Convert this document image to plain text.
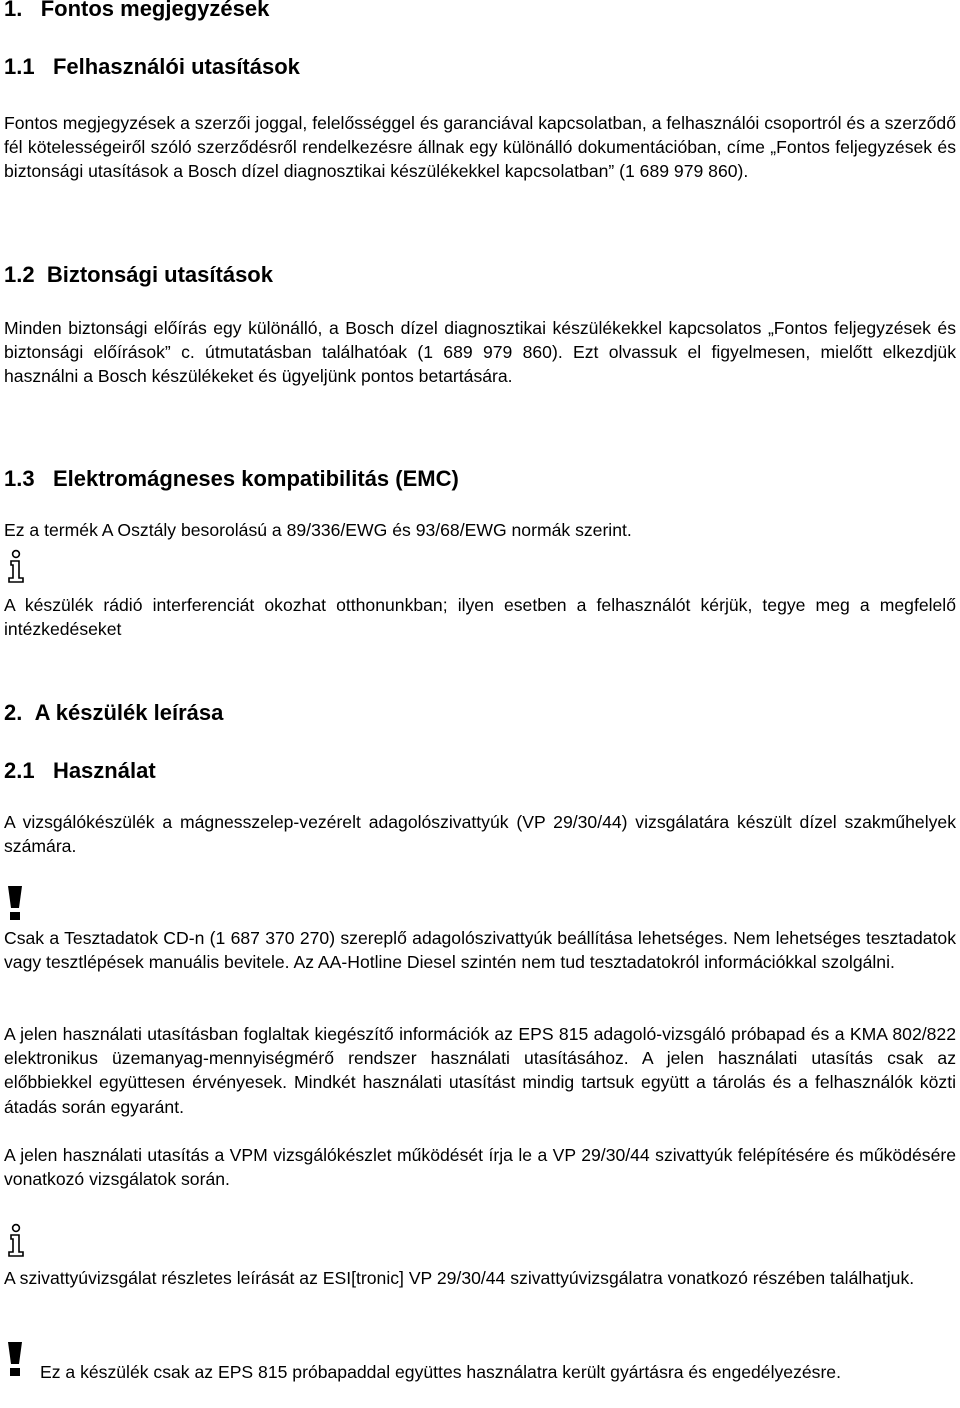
1. Fontos megjegyzések
1.1 Felhasználói utasítások

Fontos megjegyzések a szerzői joggal, felelősséggel és garanciával kapcsolatban, a felhasználói csoportról és a szerződő fél kötelességeiről szóló szerződésről rendelkezésre állnak egy különálló dokumentációban, címe „Fontos feljegyzések és biztonsági utasítások a Bosch dízel diagnosztikai készülékekkel kapcsolatban” (1 689 979 860).

1.2 Biztonsági utasítások

Minden biztonsági előírás egy különálló, a Bosch dízel diagnosztikai készülékekkel kapcsolatos „Fontos feljegyzések és biztonsági előírások” c. útmutatásban találhatóak (1 689 979 860). Ezt olvassuk el figyelmesen, mielőtt elkezdjük használni a Bosch készülékeket és ügyeljünk pontos betartására.

1.3 Elektromágneses kompatibilitás (EMC)

Ez a termék A Osztály besorolású a 89/336/EWG és 93/68/EWG normák szerint.

A készülék rádió interferenciát okozhat otthonunkban; ilyen esetben a felhasználót kérjük, tegye meg a megfelelő intézkedéseket

2. A készülék leírása
2.1 Használat

A vizsgálókészülék a mágnesszelep-vezérelt adagolószivattyúk (VP 29/30/44) vizsgálatára készült dízel szakműhelyek számára.

Csak a Tesztadatok CD-n (1 687 370 270) szereplő adagolószivattyúk beállítása lehetséges. Nem lehetséges tesztadatok vagy tesztlépések manuális bevitele. Az AA-Hotline Diesel szintén nem tud tesztadatokról információkkal szolgálni.

A jelen használati utasításban foglaltak kiegészítő információk az EPS 815 adagoló-vizsgáló próbapad és a KMA 802/822 elektronikus üzemanyag-mennyiségmérő rendszer használati utasításához. A jelen használati utasítás csak az előbbiekkel együttesen érvényesek. Mindkét használati utasítást mindig tartsuk együtt a tárolás és a felhasználók közti átadás során egyaránt.

A jelen használati utasítás a VPM vizsgálókészlet működését írja le a VP 29/30/44 szivattyúk felépítésére és működésére vonatkozó vizsgálatok során.

A szivattyúvizsgálat részletes leírását az ESI[tronic] VP 29/30/44 szivattyúvizsgálatra vonatkozó részében találhatjuk.

Ez a készülék csak az EPS 815 próbapaddal együttes használatra került gyártásra és engedélyezésre.
